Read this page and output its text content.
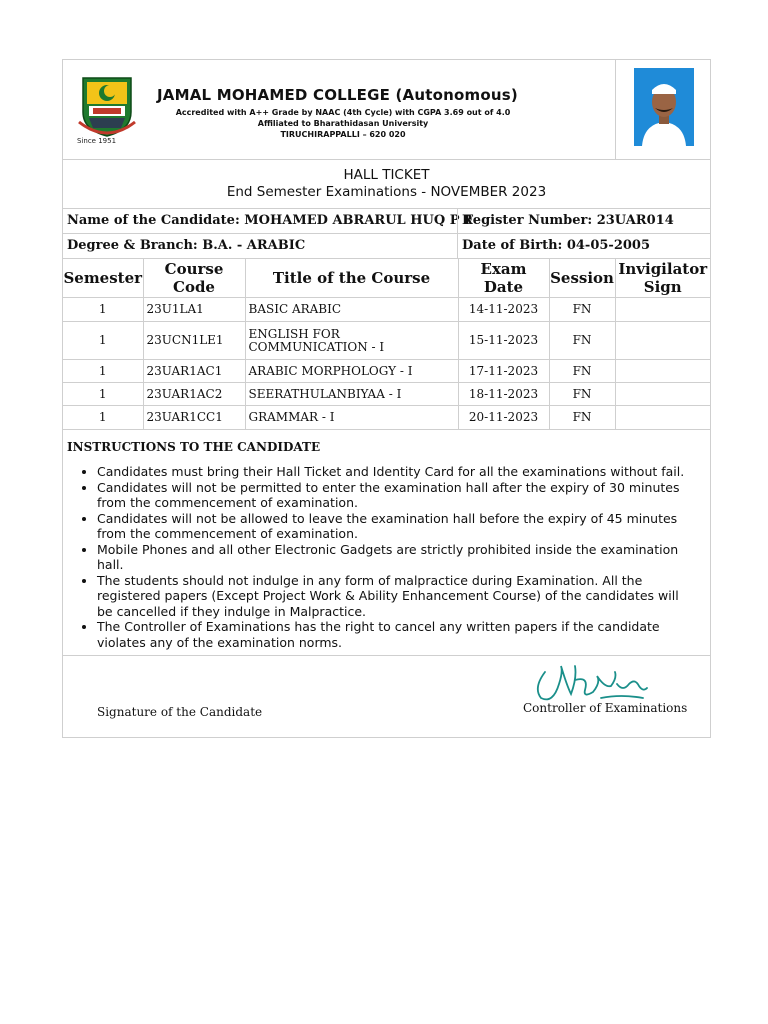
Since 1951
JAMAL MOHAMED COLLEGE (Autonomous)
Accredited with A++ Grade by NAAC (4th Cycle) with CGPA 3.69 out of 4.0
Affiliated to Bharathidasan University
TIRUCHIRAPPALLI – 620 020
HALL TICKET
End Semester Examinations - NOVEMBER 2023
Name of the Candidate: MOHAMED ABRARUL HUQ P F
Register Number: 23UAR014
Degree & Branch: B.A. - ARABIC	Date of Birth: 04-05-2005
Semester	Course Code	Title of the Course	Exam Date	Session	Invigilator Sign
1	23U1LA1	BASIC ARABIC	14-11-2023	FN	
1	23UCN1LE1	ENGLISH FOR COMMUNICATION - I	15-11-2023	FN	
1	23UAR1AC1	ARABIC MORPHOLOGY - I	17-11-2023	FN	
1	23UAR1AC2	SEERATHULANBIYAA - I	18-11-2023	FN	
1	23UAR1CC1	GRAMMAR - I	20-11-2023	FN	
INSTRUCTIONS TO THE CANDIDATE
• Candidates must bring their Hall Ticket and Identity Card for all the examinations without fail.
• Candidates will not be permitted to enter the examination hall after the expiry of 30 minutes from the commencement of examination.
• Candidates will not be allowed to leave the examination hall before the expiry of 45 minutes from the commencement of examination.
• Mobile Phones and all other Electronic Gadgets are strictly prohibited inside the examination hall.
• The students should not indulge in any form of malpractice during Examination. All the registered papers (Except Project Work & Ability Enhancement Course) of the candidates will be cancelled if they indulge in Malpractice.
• The Controller of Examinations has the right to cancel any written papers if the candidate violates any of the examination norms.
Signature of the Candidate	Controller of Examinations
